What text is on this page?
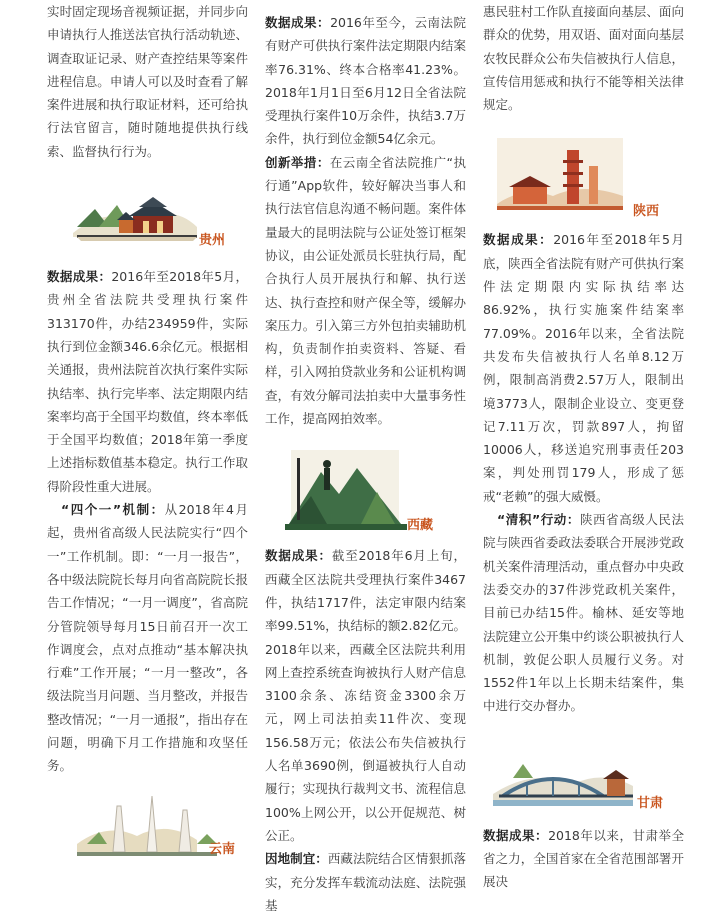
实时固定现场音视频证据，并同步向申请执行人推送法官执行活动轨迹、调查取证记录、财产查控结果等案件进程信息。申请人可以及时查看了解案件进展和执行取证材料，还可给执行法官留言，随时随地提供执行线索、监督执行行为。

贵州

数据成果：2016年至2018年5月，贵州全省法院共受理执行案件313170件，办结234959件，实际执行到位金额346.6余亿元。根据相关通报，贵州法院首次执行案件实际执结率、执行完毕率、法定期限内结案率均高于全国平均数值，终本率低于全国平均数值；2018年第一季度上述指标数值基本稳定。执行工作取得阶段性重大进展。

“四个一”机制：从2018年4月起，贵州省高级人民法院实行“四个一”工作机制。即：“一月一报告”，各中级法院院长每月向省高院院长报告工作情况；“一月一调度”，省高院分管院领导每月15日前召开一次工作调度会，点对点推动“基本解决执行难”工作开展；“一月一整改”，各级法院当月问题、当月整改，并报告整改情况；“一月一通报”，指出存在问题，明确下月工作措施和攻坚任务。

云南

数据成果：2016年至今，云南法院有财产可供执行案件法定期限内结案率76.31%、终本合格率41.23%。2018年1月1日至6月12日全省法院受理执行案件10万余件，执结3.7万余件，执行到位金额54亿余元。

创新举措：在云南全省法院推广“执行通”App软件，较好解决当事人和执行法官信息沟通不畅问题。案件体量最大的昆明法院与公证处签订框架协议，由公证处派员长驻执行局，配合执行人员开展执行和解、执行送达、执行查控和财产保全等，缓解办案压力。引入第三方外包拍卖辅助机构，负责制作拍卖资料、答疑、看样，引入网拍贷款业务和公证机构调查，有效分解司法拍卖中大量事务性工作，提高网拍效率。

西藏

数据成果：截至2018年6月上旬，西藏全区法院共受理执行案件3467件，执结1717件，法定审限内结案率99.51%，执结标的额2.82亿元。2018年以来，西藏全区法院共利用网上查控系统查询被执行人财产信息3100余条、冻结资金3300余万元，网上司法拍卖11件次、变现156.58万元；依法公布失信被执行人名单3690例，倒逼被执行人自动履行；实现执行裁判文书、流程信息100%上网公开，以公开促规范、树公正。

因地制宜：西藏法院结合区情狠抓落实，充分发挥车载流动法庭、法院强基

惠民驻村工作队直接面向基层、面向群众的优势，用双语、面对面向基层农牧民群众公布失信被执行人信息，宣传信用惩戒和执行不能等相关法律规定。

陕西

数据成果：2016年至2018年5月底，陕西全省法院有财产可供执行案件法定期限内实际执结率达86.92%，执行实施案件结案率77.09%。2016年以来，全省法院共发布失信被执行人名单8.12万例，限制高消费2.57万人，限制出境3773人，限制企业设立、变更登记7.11万次，罚款897人，拘留10006人，移送追究刑事责任203案，判处刑罚179人，形成了惩戒“老赖”的强大威慑。

“清积”行动：陕西省高级人民法院与陕西省委政法委联合开展涉党政机关案件清理活动，重点督办中央政法委交办的37件涉党政机关案件，目前已办结15件。榆林、延安等地法院建立公开集中约谈公职被执行人机制，敦促公职人员履行义务。对1552件1年以上长期未结案件，集中进行交办督办。

甘肃

数据成果：2018年以来，甘肃举全省之力，全国首家在全省范围部署开展决
